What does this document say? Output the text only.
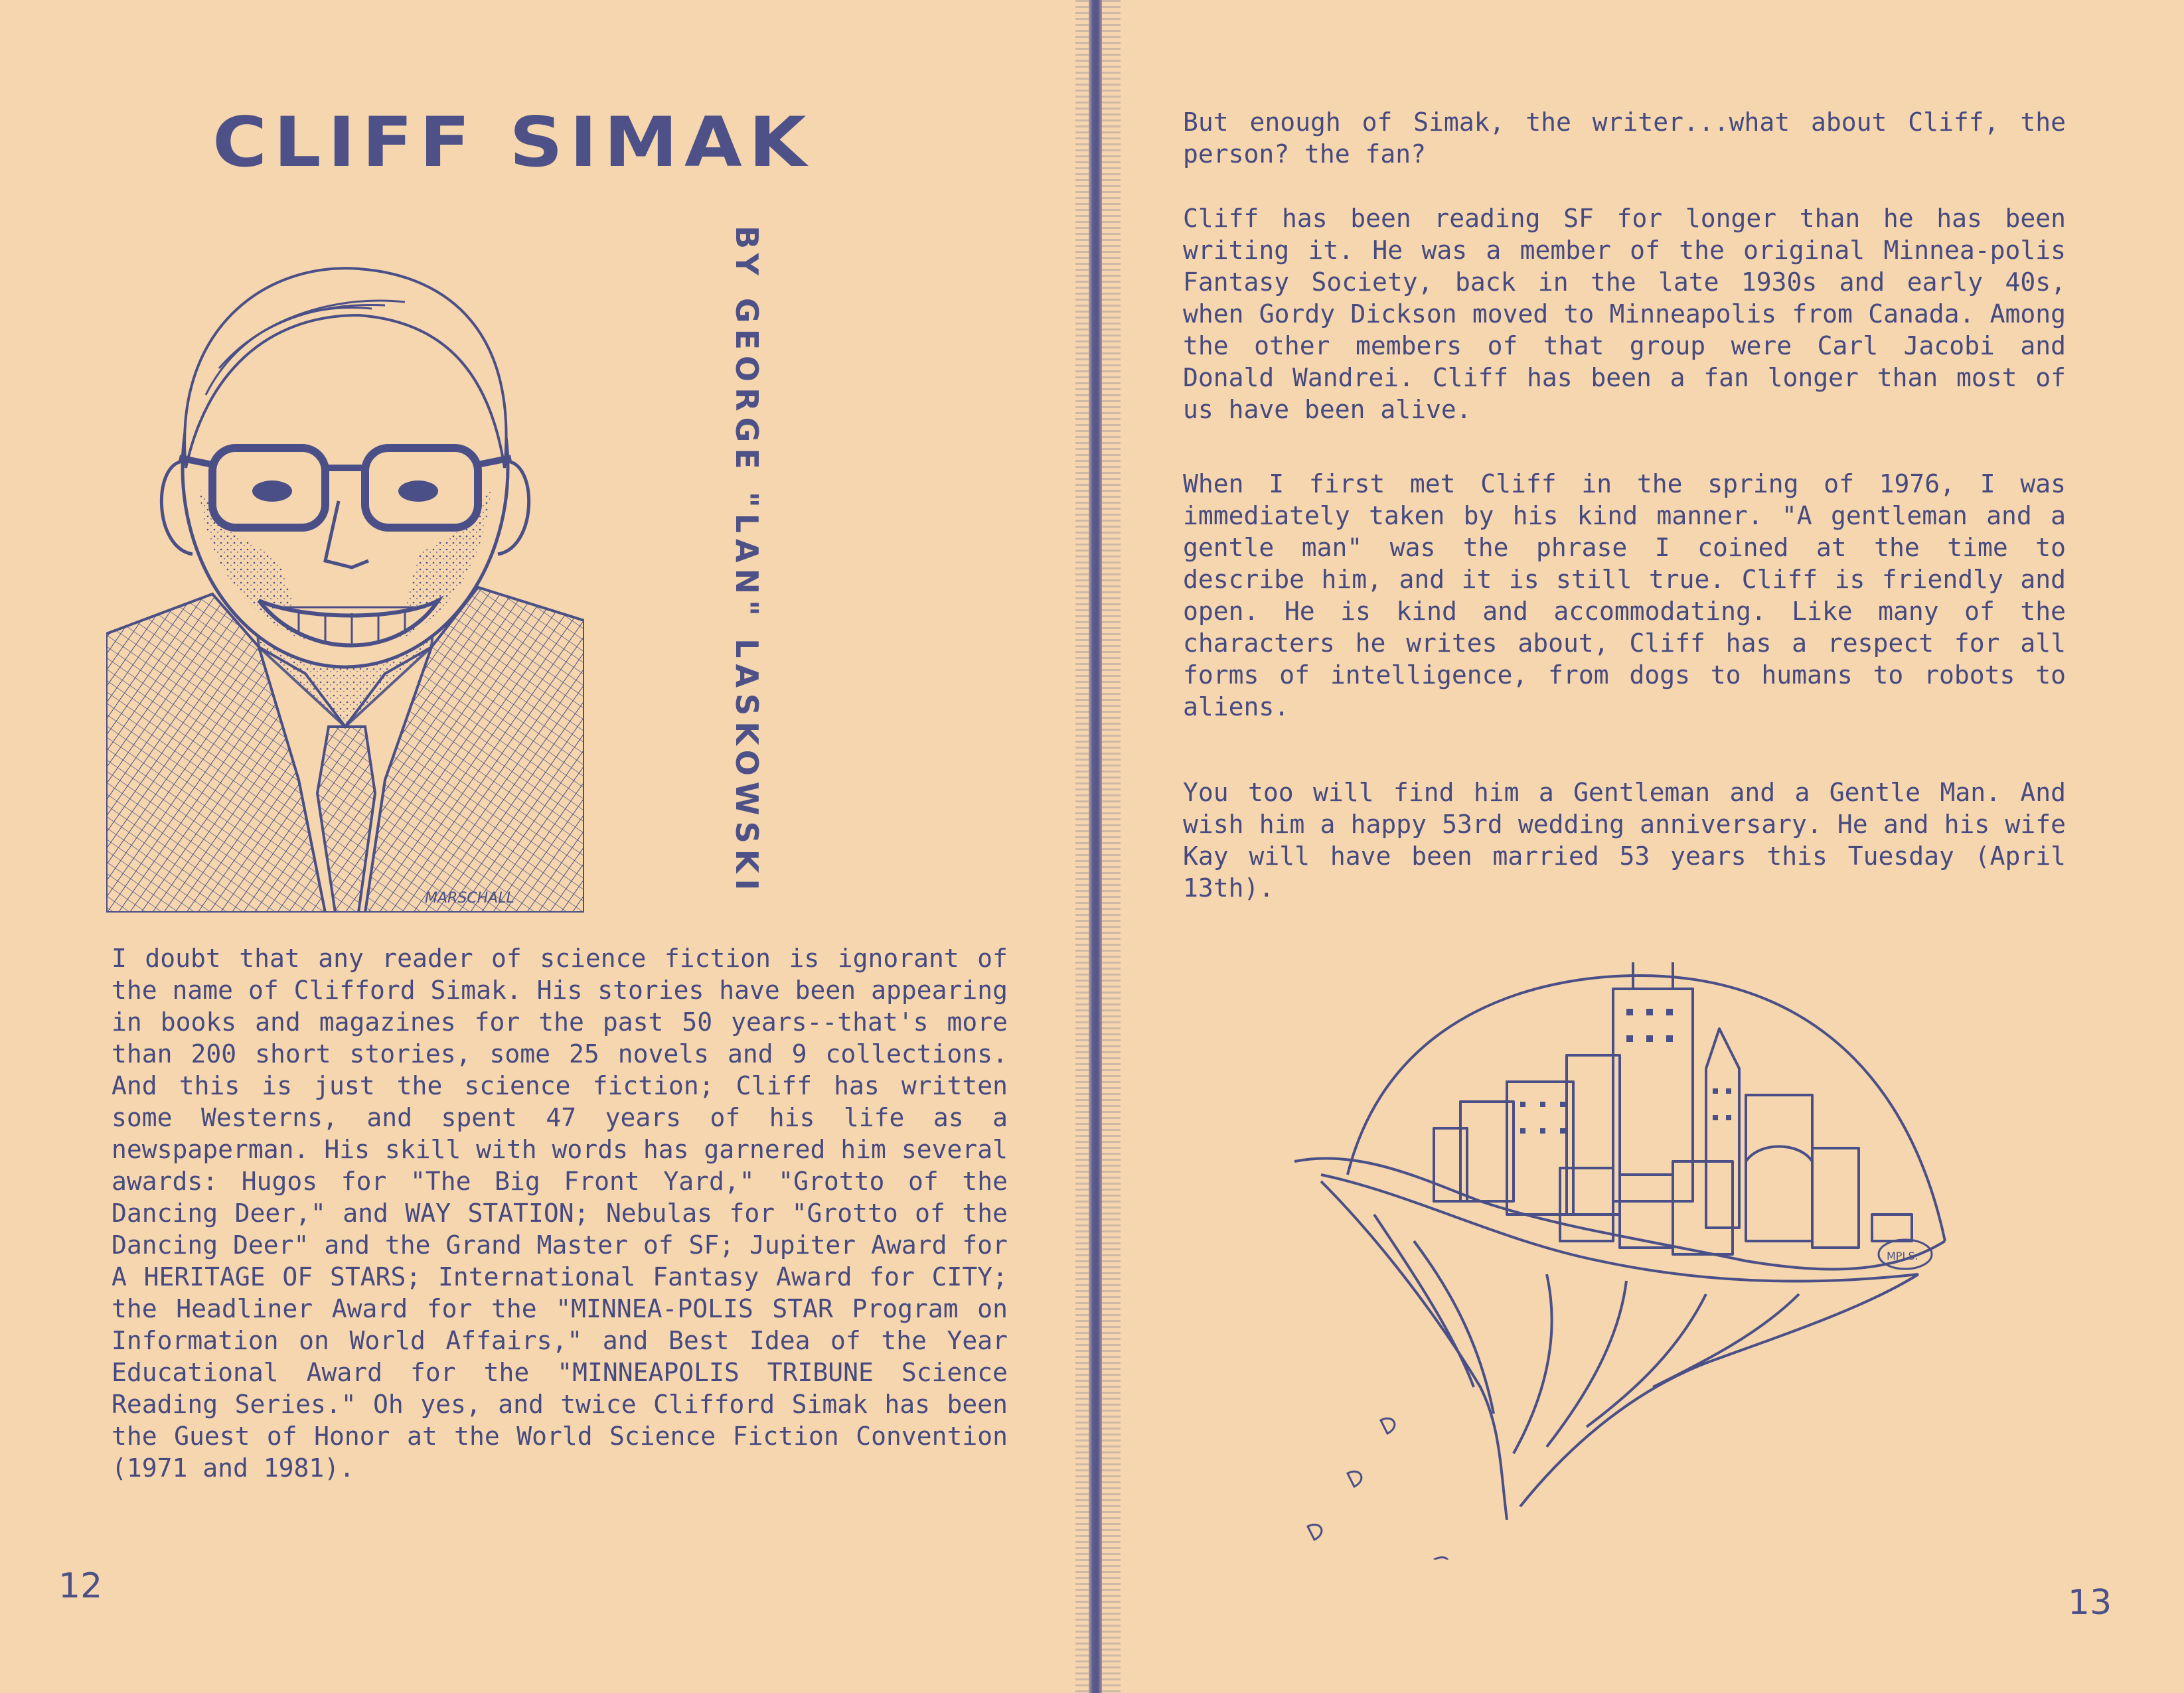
CLIFF SIMAK

BY GEORGE "LAN" LASKOWSKI

MARSCHALL

I doubt that any reader of science fiction is ignorant of the name of Clifford Simak. His stories have been appearing in books and magazines for the past 50 years--that's more than 200 short stories, some 25 novels and 9 collections. And this is just the science fiction; Cliff has written some Westerns, and spent 47 years of his life as a newspaperman. His skill with words has garnered him several awards: Hugos for "The Big Front Yard," "Grotto of the Dancing Deer," and WAY STATION; Nebulas for "Grotto of the Dancing Deer" and the Grand Master of SF; Jupiter Award for A HERITAGE OF STARS; International Fantasy Award for CITY; the Headliner Award for the "MINNEA-POLIS STAR Program on Information on World Affairs," and Best Idea of the Year Educational Award for the "MINNEAPOLIS TRIBUNE Science Reading Series." Oh yes, and twice Clifford Simak has been the Guest of Honor at the World Science Fiction Convention (1971 and 1981).

12

But enough of Simak, the writer...what about Cliff, the person? the fan?

Cliff has been reading SF for longer than he has been writing it. He was a member of the original Minnea-polis Fantasy Society, back in the late 1930s and early 40s, when Gordy Dickson moved to Minneapolis from Canada. Among the other members of that group were Carl Jacobi and Donald Wandrei. Cliff has been a fan longer than most of us have been alive.

When I first met Cliff in the spring of 1976, I was immediately taken by his kind manner. "A gentleman and a gentle man" was the phrase I coined at the time to describe him, and it is still true. Cliff is friendly and open. He is kind and accommodating. Like many of the characters he writes about, Cliff has a respect for all forms of intelligence, from dogs to humans to robots to aliens.

You too will find him a Gentleman and a Gentle Man. And wish him a happy 53rd wedding anniversary. He and his wife Kay will have been married 53 years this Tuesday (April 13th).

MPLS.

13
